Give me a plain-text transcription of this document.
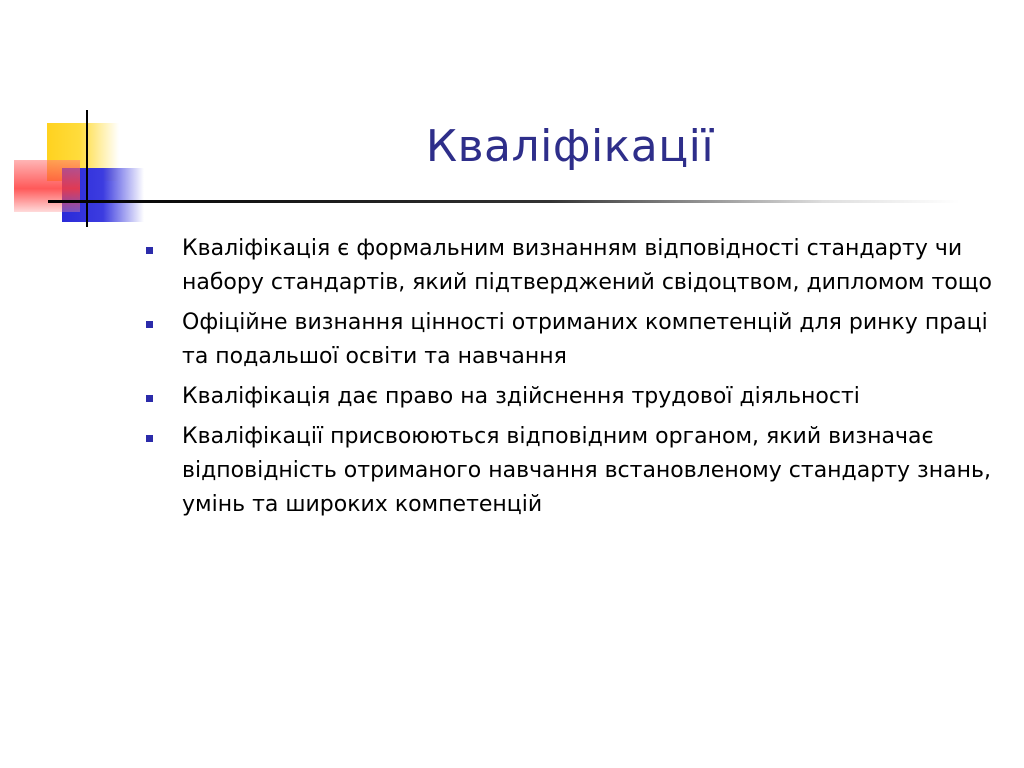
Кваліфікації
Кваліфікація є формальним визнанням відповідності стандарту чи набору стандартів, який підтверджений свідоцтвом, дипломом тощо
Офіційне визнання цінності отриманих компетенцій для ринку праці та подальшої освіти та навчання
Кваліфікація дає право на здійснення трудової діяльності
Кваліфікації присвоюються відповідним органом, який визначає відповідність отриманого навчання встановленому стандарту знань, умінь та широких компетенцій
